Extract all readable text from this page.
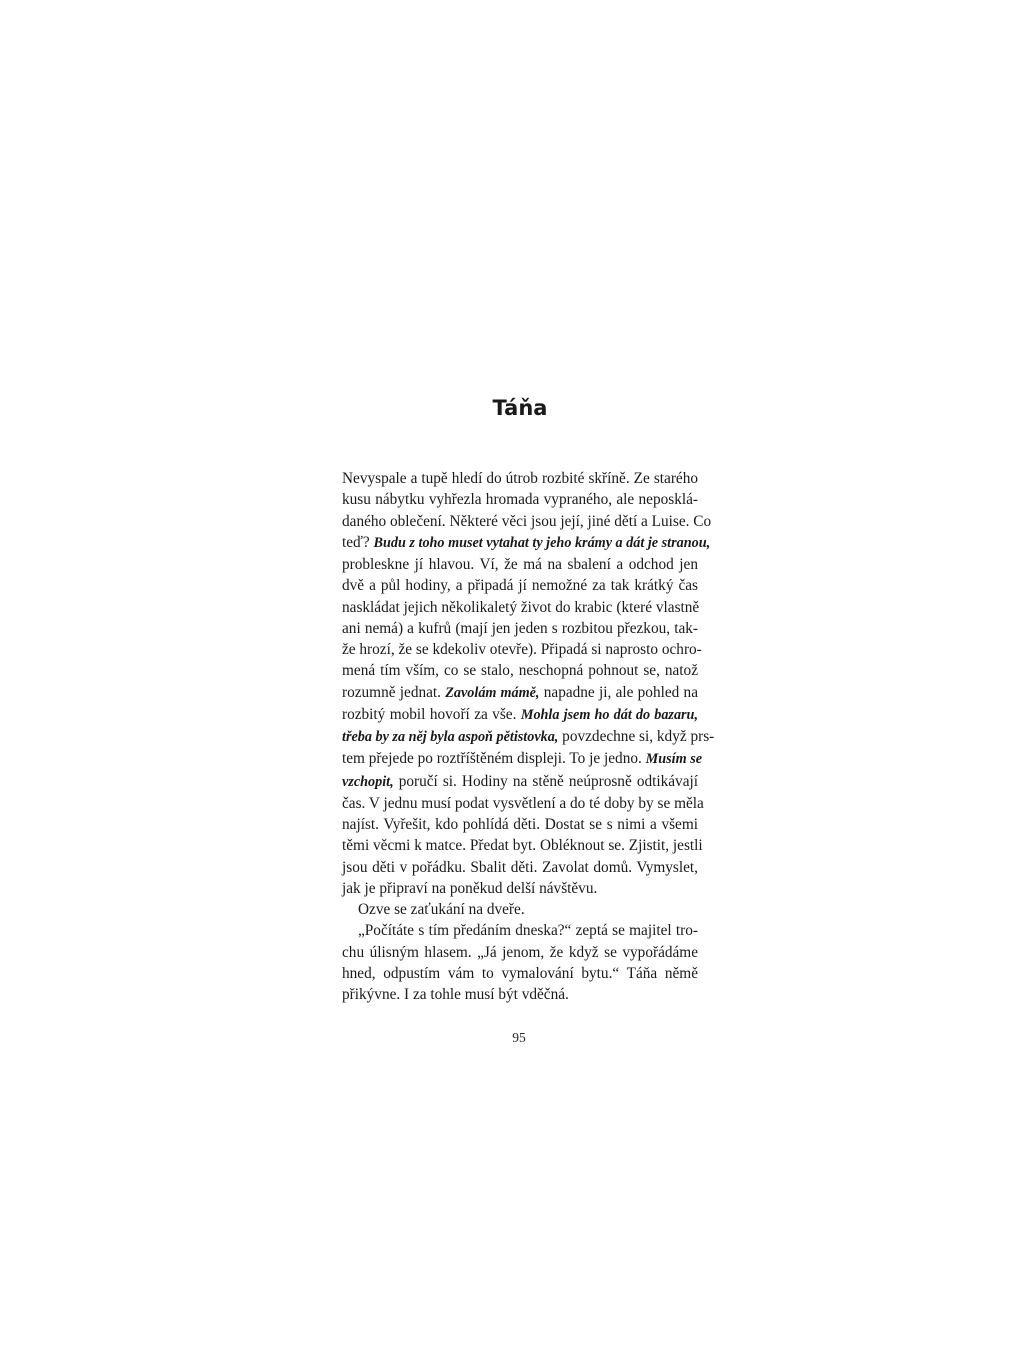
Táňa
Nevyspale a tupě hledí do útrob rozbité skříně. Ze starého
kusu nábytku vyhřezla hromada vypraného, ale neposklá-
daného oblečení. Některé věci jsou její, jiné dětí a Luise. Co
teď? Budu z toho muset vytahat ty jeho krámy a dát je stranou,
probleskne jí hlavou. Ví, že má na sbalení a odchod jen
dvě a půl hodiny, a připadá jí nemožné za tak krátký čas
naskládat jejich několikaletý život do krabic (které vlastně
ani nemá) a kufrů (mají jen jeden s rozbitou přezkou, tak-
že hrozí, že se kdekoliv otevře). Připadá si naprosto ochro-
mená tím vším, co se stalo, neschopná pohnout se, natož
rozumně jednat. Zavolám mámě, napadne ji, ale pohled na
rozbitý mobil hovoří za vše. Mohla jsem ho dát do bazaru,
třeba by za něj byla aspoň pětistovka, povzdechne si, když prs-
tem přejede po roztříštěném displeji. To je jedno. Musím se
vzchopit, poručí si. Hodiny na stěně neúprosně odtikávají
čas. V jednu musí podat vysvětlení a do té doby by se měla
najíst. Vyřešit, kdo pohlídá děti. Dostat se s nimi a všemi
těmi věcmi k matce. Předat byt. Obléknout se. Zjistit, jestli
jsou děti v pořádku. Sbalit děti. Zavolat domů. Vymyslet,
jak je připraví na poněkud delší návštěvu.
Ozve se zaťukání na dveře.
„Počítáte s tím předáním dneska?“ zeptá se majitel tro-
chu úlisným hlasem. „Já jenom, že když se vypořádáme
hned, odpustím vám to vymalování bytu.“ Táňa němě
přikývne. I za tohle musí být vděčná.
95
